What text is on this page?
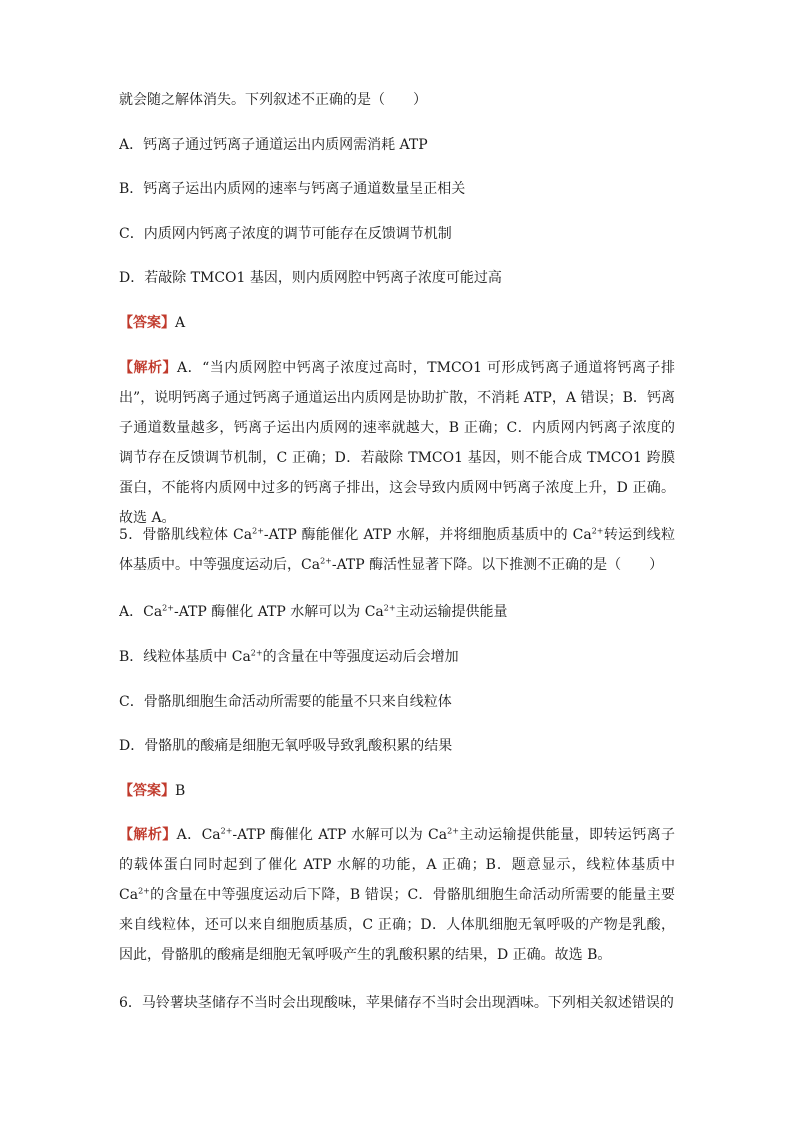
就会随之解体消失。下列叙述不正确的是（　　）
A．钙离子通过钙离子通道运出内质网需消耗 ATP
B．钙离子运出内质网的速率与钙离子通道数量呈正相关
C．内质网内钙离子浓度的调节可能存在反馈调节机制
D．若敲除 TMCO1 基因，则内质网腔中钙离子浓度可能过高
【答案】A
【解析】A．“当内质网腔中钙离子浓度过高时，TMCO1 可形成钙离子通道将钙离子排出”，说明钙离子通过钙离子通道运出内质网是协助扩散，不消耗 ATP，A 错误；B．钙离子通道数量越多，钙离子运出内质网的速率就越大，B 正确；C．内质网内钙离子浓度的调节存在反馈调节机制，C 正确；D．若敲除 TMCO1 基因，则不能合成 TMCO1 跨膜蛋白，不能将内质网中过多的钙离子排出，这会导致内质网中钙离子浓度上升，D 正确。故选 A。
5．骨骼肌线粒体 $Ca^{2+}$-ATP 酶能催化 ATP 水解，并将细胞质基质中的 $Ca^{2+}$转运到线粒体基质中。中等强度运动后，$Ca^{2+}$-ATP 酶活性显著下降。以下推测不正确的是（　　）
A．$Ca^{2+}$-ATP 酶催化 ATP 水解可以为 $Ca^{2+}$主动运输提供能量
B．线粒体基质中 $Ca^{2+}$的含量在中等强度运动后会增加
C．骨骼肌细胞生命活动所需要的能量不只来自线粒体
D．骨骼肌的酸痛是细胞无氧呼吸导致乳酸积累的结果
【答案】B
【解析】A．$Ca^{2+}$-ATP 酶催化 ATP 水解可以为 $Ca^{2+}$主动运输提供能量，即转运钙离子的载体蛋白同时起到了催化 ATP 水解的功能，A 正确；B．题意显示，线粒体基质中 $Ca^{2+}$的含量在中等强度运动后下降，B 错误；C．骨骼肌细胞生命活动所需要的能量主要来自线粒体，还可以来自细胞质基质，C 正确；D．人体肌细胞无氧呼吸的产物是乳酸，因此，骨骼肌的酸痛是细胞无氧呼吸产生的乳酸积累的结果，D 正确。故选 B。
6．马铃薯块茎储存不当时会出现酸味，苹果储存不当时会出现酒味。下列相关叙述错误的
